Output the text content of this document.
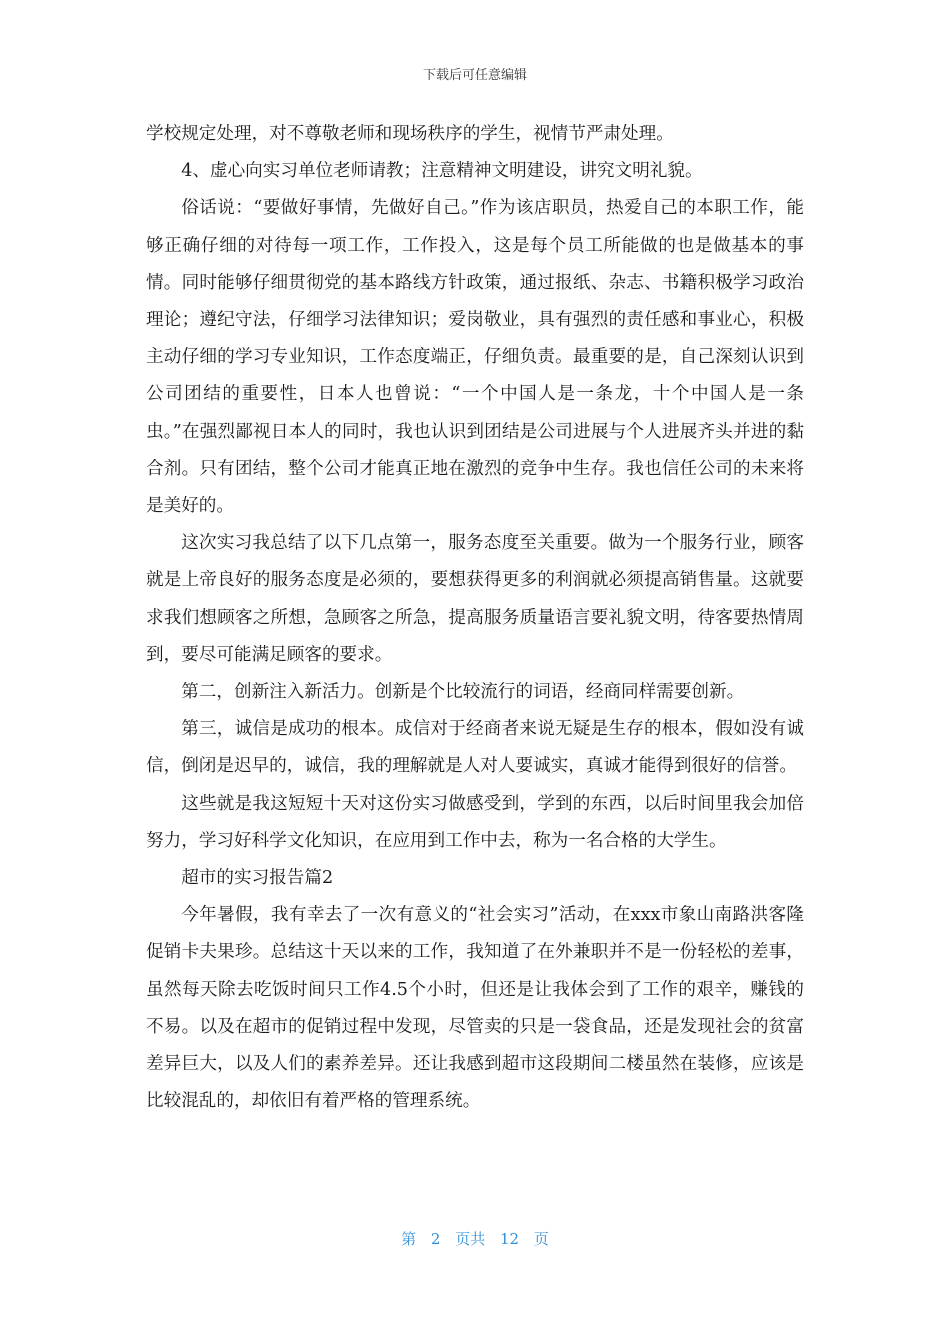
下载后可任意编辑

学校规定处理，对不尊敬老师和现场秩序的学生，视情节严肃处理。

4、虚心向实习单位老师请教；注意精神文明建设，讲究文明礼貌。

俗话说：“要做好事情，先做好自己。”作为该店职员，热爱自己的本职工作，能够正确仔细的对待每一项工作，工作投入，这是每个员工所能做的也是做基本的事情。同时能够仔细贯彻党的基本路线方针政策，通过报纸、杂志、书籍积极学习政治理论；遵纪守法，仔细学习法律知识；爱岗敬业，具有强烈的责任感和事业心，积极主动仔细的学习专业知识，工作态度端正，仔细负责。最重要的是，自己深刻认识到公司团结的重要性，日本人也曾说：“一个中国人是一条龙，十个中国人是一条虫。”在强烈鄙视日本人的同时，我也认识到团结是公司进展与个人进展齐头并进的黏合剂。只有团结，整个公司才能真正地在激烈的竞争中生存。我也信任公司的未来将是美好的。

这次实习我总结了以下几点第一，服务态度至关重要。做为一个服务行业，顾客就是上帝良好的服务态度是必须的，要想获得更多的利润就必须提高销售量。这就要求我们想顾客之所想，急顾客之所急，提高服务质量语言要礼貌文明，待客要热情周到，要尽可能满足顾客的要求。

第二，创新注入新活力。创新是个比较流行的词语，经商同样需要创新。

第三，诚信是成功的根本。成信对于经商者来说无疑是生存的根本，假如没有诚信，倒闭是迟早的，诚信，我的理解就是人对人要诚实，真诚才能得到很好的信誉。

这些就是我这短短十天对这份实习做感受到，学到的东西，以后时间里我会加倍努力，学习好科学文化知识，在应用到工作中去，称为一名合格的大学生。

超市的实习报告篇2

今年暑假，我有幸去了一次有意义的“社会实习”活动，在xxx市象山南路洪客隆促销卡夫果珍。总结这十天以来的工作，我知道了在外兼职并不是一份轻松的差事，虽然每天除去吃饭时间只工作4.5个小时，但还是让我体会到了工作的艰辛，赚钱的不易。以及在超市的促销过程中发现，尽管卖的只是一袋食品，还是发现社会的贫富差异巨大，以及人们的素养差异。还让我感到超市这段期间二楼虽然在装修，应该是比较混乱的，却依旧有着严格的管理系统。

第 2 页共 12 页
